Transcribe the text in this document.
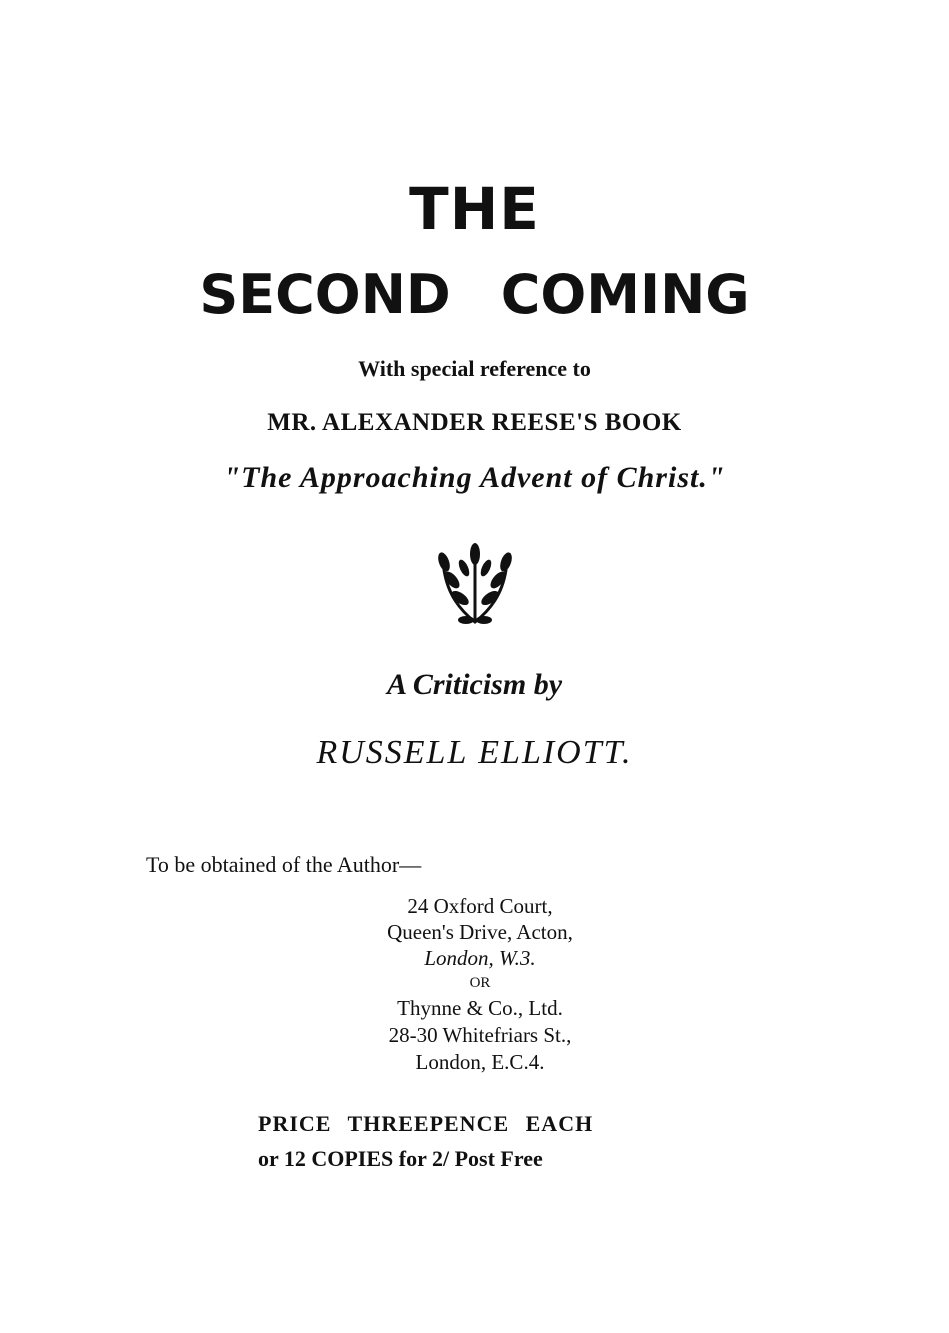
THE
SECOND COMING
With special reference to
MR. ALEXANDER REESE'S BOOK
"The Approaching Advent of Christ."
A Criticism by
RUSSELL ELLIOTT.
To be obtained of the Author—
24 Oxford Court,
Queen's Drive, Acton,
London, W.3.
OR
Thynne & Co., Ltd.
28-30 Whitefriars St.,
London, E.C.4.
PRICE THREEPENCE EACH
or 12 COPIES for 2/ Post Free
